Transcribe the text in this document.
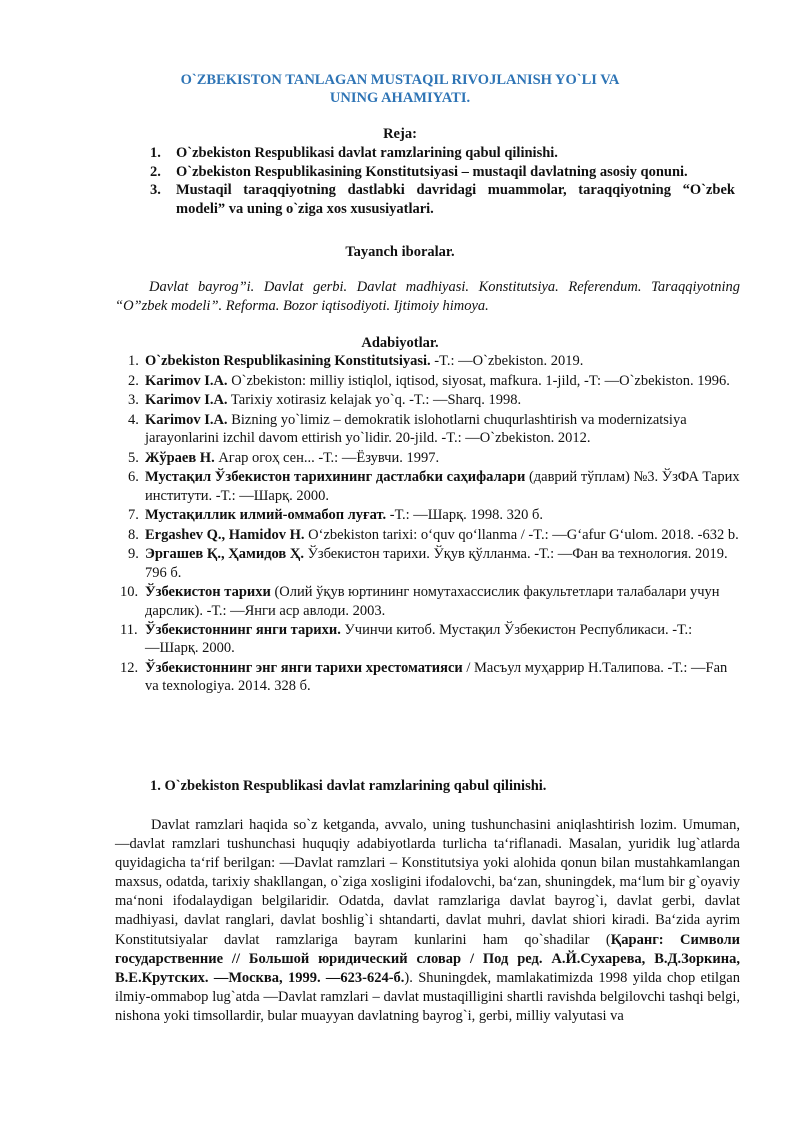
O`ZBEKISTON TANLAGAN MUSTAQIL RIVOJLANISH YO`LI VA
UNING AHAMIYATI.
Reja:
1. O`zbekiston Respublikasi davlat ramzlarining qabul qilinishi.
2. O`zbekiston Respublikasining Konstitutsiyasi – mustaqil davlatning asosiy qonuni.
3. Mustaqil taraqqiyotning dastlabki davridagi muammolar, taraqqiyotning “O`zbek modeli” va uning o`ziga xos xususiyatlari.
Tayanch iboralar.
Davlat bayrog”i. Davlat gerbi. Davlat madhiyasi. Konstitutsiya. Referendum. Taraqqiyotning “O”zbek modeli”. Reforma. Bozor iqtisodiyoti. Ijtimoiy himoya.
Adabiyotlar.
1. O`zbekiston Respublikasining Konstitutsiyasi. -T.: ―O`zbekiston. 2019.
2. Karimov I.A. O`zbekiston: milliy istiqlol, iqtisod, siyosat, mafkura. 1-jild, -T: ―O`zbekiston. 1996.
3. Karimov I.A. Tarixiy xotirasiz kelajak yo`q. -T.: ―Sharq. 1998.
4. Karimov I.A. Bizning yo`limiz – demokratik islohotlarni chuqurlashtirish va modernizatsiya jarayonlarini izchil davom ettirish yo`lidir. 20-jild. -T.: ―O`zbekiston. 2012.
5. Жўраев Н. Агар огоҳ сен... -Т.: ―Ёзувчи. 1997.
6. Мустақил Ўзбекистон тарихининг дастлабки саҳифалари (даврий тўплам) №3. ЎзФА Тарих институти. -Т.: ―Шарқ. 2000.
7. Мустақиллик илмий-оммабоп луғат. -Т.: ―Шарқ. 1998. 320 б.
8. Ergashev Q., Hamidov H. O‘zbekiston tarixi: o‘quv qo‘llanma / -T.: ―G‘afur G‘ulom. 2018. -632 b.
9. Эргашев Қ., Ҳамидов Ҳ. Ўзбекистон тарихи. Ўқув қўлланма. -Т.: ―Фан ва технология. 2019. 796 б.
10. Ўзбекистон тарихи (Олий ўқув юртининг номутахассислик факультетлари талабалари учун дарслик). -Т.: ―Янги аср авлоди. 2003.
11. Ўзбекистоннинг янги тарихи. Учинчи китоб. Мустақил Ўзбекистон Республикаси. -Т.: ―Шарқ. 2000.
12. Ўзбекистоннинг энг янги тарихи хрестоматияси / Масъул муҳаррир Н.Талипова. -Т.: ―Fan va texnologiya. 2014. 328 б.
1. O`zbekiston Respublikasi davlat ramzlarining qabul qilinishi.
Davlat ramzlari haqida so`z ketganda, avvalo, uning tushunchasini aniqlashtirish lozim. Umuman, ―davlat ramzlari tushunchasi huquqiy adabiyotlarda turlicha ta‘riflanadi. Masalan, yuridik lug`atlarda quyidagicha ta‘rif berilgan: ―Davlat ramzlari – Konstitutsiya yoki alohida qonun bilan mustahkamlangan maxsus, odatda, tarixiy shakllangan, o`ziga xosligini ifodalovchi, ba‘zan, shuningdek, ma‘lum bir g`oyaviy ma‘noni ifodalaydigan belgilaridir. Odatda, davlat ramzlariga davlat bayrog`i, davlat gerbi, davlat madhiyasi, davlat ranglari, davlat boshlig`i shtandarti, davlat muhri, davlat shiori kiradi. Ba‘zida ayrim Konstitutsiyalar davlat ramzlariga bayram kunlarini ham qo`shadilar (Қаранг: Символи государственние // Большой юридический словар / Под ред. А.Й.Сухарева, В.Д.Зоркина, В.Е.Крутских. ―Москва, 1999. ―623-624-б.). Shuningdek, mamlakatimizda 1998 yilda chop etilgan ilmiy-ommabop lug`atda ―Davlat ramzlari – davlat mustaqilligini shartli ravishda belgilovchi tashqi belgi, nishona yoki timsollardir, bular muayyan davlatning bayrog`i, gerbi, milliy valyutasi va
